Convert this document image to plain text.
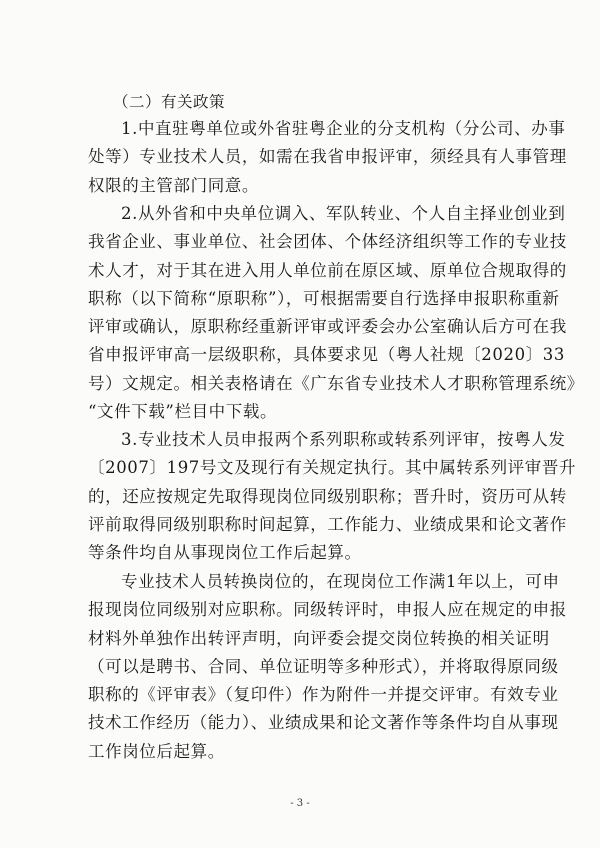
（二）有关政策

1.中直驻粤单位或外省驻粤企业的分支机构（分公司、办事
处等）专业技术人员，如需在我省申报评审，须经具有人事管理
权限的主管部门同意。

2.从外省和中央单位调入、军队转业、个人自主择业创业到
我省企业、事业单位、社会团体、个体经济组织等工作的专业技
术人才，对于其在进入用人单位前在原区域、原单位合规取得的
职称（以下简称“原职称”），可根据需要自行选择申报职称重新
评审或确认，原职称经重新评审或评委会办公室确认后方可在我
省申报评审高一层级职称，具体要求见（粤人社规〔2020〕33
号）文规定。相关表格请在《广东省专业技术人才职称管理系统》
“文件下载”栏目中下载。

3.专业技术人员申报两个系列职称或转系列评审，按粤人发
〔2007〕197号文及现行有关规定执行。其中属转系列评审晋升
的，还应按规定先取得现岗位同级别职称；晋升时，资历可从转
评前取得同级别职称时间起算，工作能力、业绩成果和论文著作
等条件均自从事现岗位工作后起算。

专业技术人员转换岗位的，在现岗位工作满1年以上，可申
报现岗位同级别对应职称。同级转评时，申报人应在规定的申报
材料外单独作出转评声明，向评委会提交岗位转换的相关证明
（可以是聘书、合同、单位证明等多种形式），并将取得原同级
职称的《评审表》（复印件）作为附件一并提交评审。有效专业
技术工作经历（能力）、业绩成果和论文著作等条件均自从事现
工作岗位后起算。

- 3 -
